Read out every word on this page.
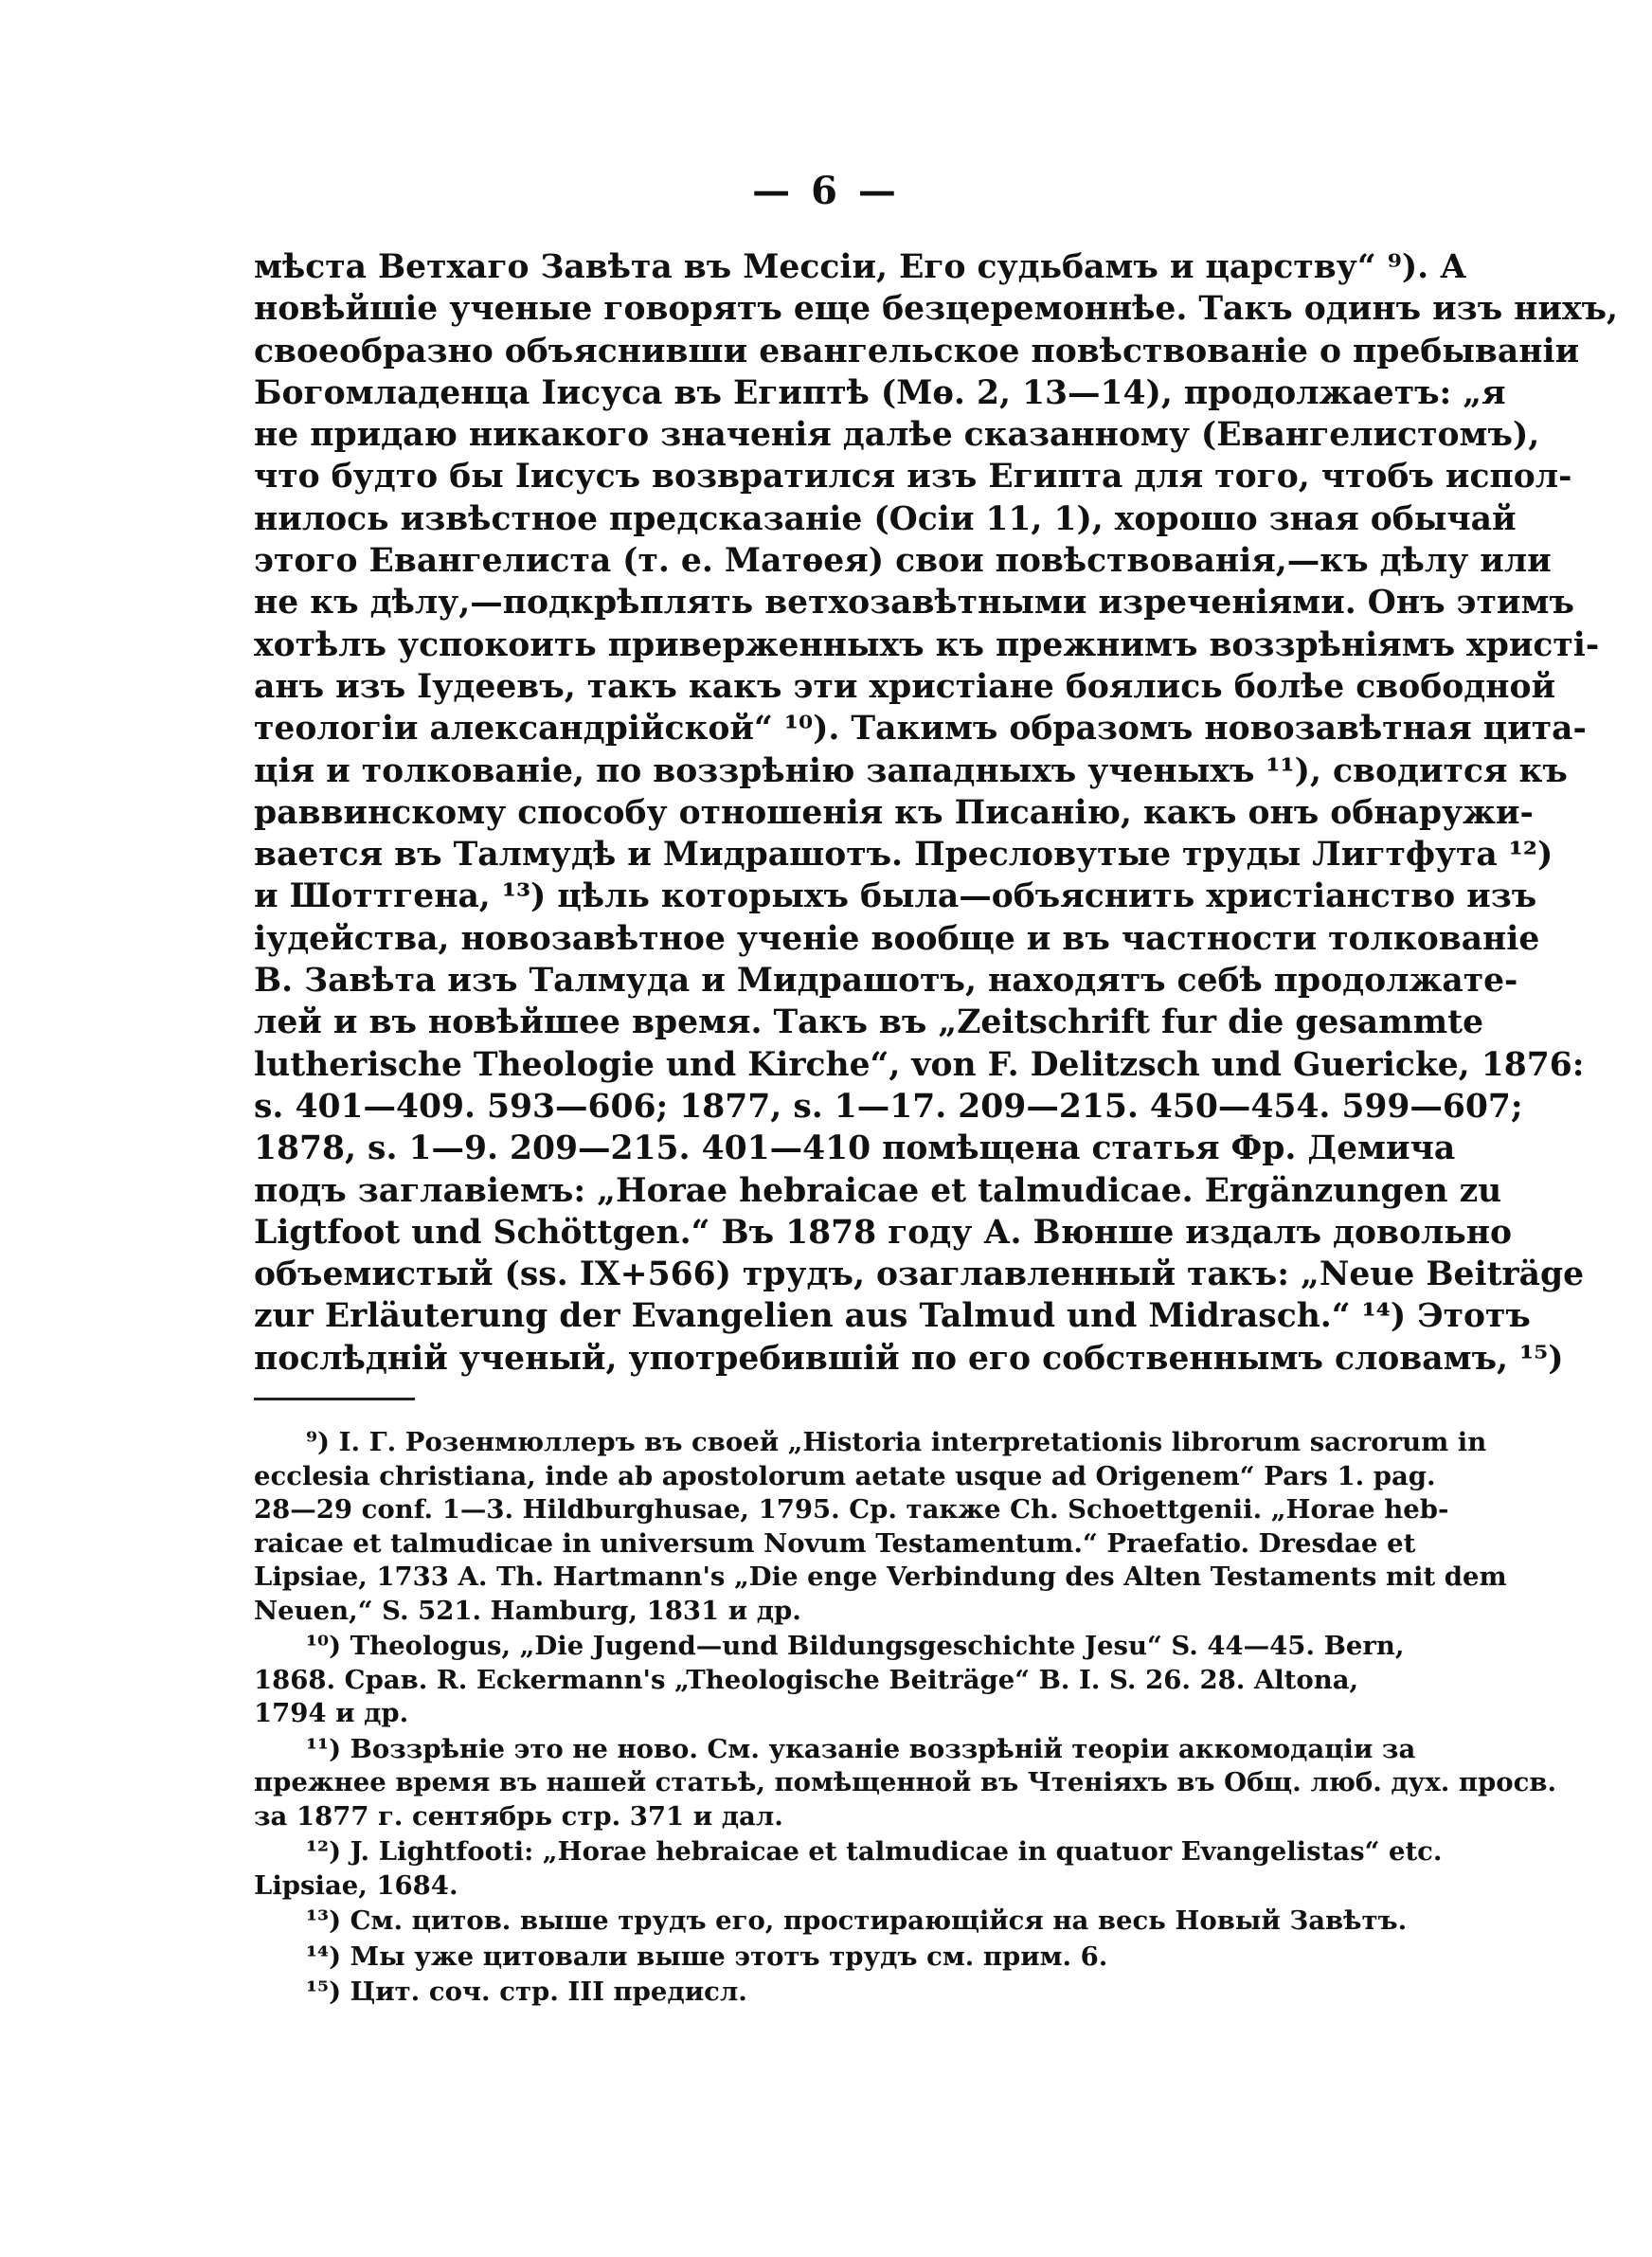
— 6 —
мѣста Ветхаго Завѣта въ Мессіи, Его судьбамъ и царству“ ⁹). А
новѣйшіе ученые говорятъ еще безцеремоннѣе. Такъ одинъ изъ нихъ,
своеобразно объяснивши евангельское повѣствованіе о пребываніи
Богомладенца Іисуса въ Египтѣ (Мѳ. 2, 13—14), продолжаетъ: „я
не придаю никакого значенія далѣе сказанному (Евангелистомъ),
что будто бы Іисусъ возвратился изъ Египта для того, чтобъ испол-
нилось извѣстное предсказаніе (Осіи 11, 1), хорошо зная обычай
этого Евангелиста (т. е. Матѳея) свои повѣствованія,—къ дѣлу или
не къ дѣлу,—подкрѣплять ветхозавѣтными изреченіями. Онъ этимъ
хотѣлъ успокоить приверженныхъ къ прежнимъ воззрѣніямъ христі-
анъ изъ Іудеевъ, такъ какъ эти христіане боялись болѣе свободной
теологіи александрійской“ ¹⁰). Такимъ образомъ новозавѣтная цита-
ція и толкованіе, по воззрѣнію западныхъ ученыхъ ¹¹), сводится къ
раввинскому способу отношенія къ Писанію, какъ онъ обнаружи-
вается въ Талмудѣ и Мидрашотъ. Пресловутые труды Лигтфута ¹²)
и Шоттгена, ¹³) цѣль которыхъ была—объяснить христіанство изъ
іудейства, новозавѣтное ученіе вообще и въ частности толкованіе
В. Завѣта изъ Талмуда и Мидрашотъ, находятъ себѣ продолжате-
лей и въ новѣйшее время. Такъ въ „Zeitschrift fur die gesammte
lutherische Theologie und Kirche“, von F. Delitzsch und Guericke, 1876:
s. 401—409. 593—606; 1877, s. 1—17. 209—215. 450—454. 599—607;
1878, s. 1—9. 209—215. 401—410 помѣщена статья Фр. Демича
подъ заглавіемъ: „Horae hebraicae et talmudicae. Ergänzungen zu
Ligtfoot und Schöttgen.“ Въ 1878 году А. Вюнше издалъ довольно
объемистый (ss. IX+566) трудъ, озаглавленный такъ: „Neue Beiträge
zur Erläuterung der Evangelien aus Talmud und Midrasch.“ ¹⁴) Этотъ
послѣдній ученый, употребившій по его собственнымъ словамъ, ¹⁵)
⁹) I. Г. Розенмюллеръ въ своей „Historia interpretationis librorum sacrorum in
ecclesia christiana, inde ab apostolorum aetate usque ad Origenem“ Pars 1. pag.
28—29 conf. 1—3. Hildburghusae, 1795. Ср. также Ch. Schoettgenii. „Horae heb-
raicae et talmudicae in universum Novum Testamentum.“ Praefatio. Dresdae et
Lipsiae, 1733 A. Th. Hartmann's „Die enge Verbindung des Alten Testaments mit dem
Neuen,“ S. 521. Hamburg, 1831 и др.
¹⁰) Theologus, „Die Jugend—und Bildungsgeschichte Jesu“ S. 44—45. Bern,
1868. Срав. R. Eckermann's „Theologische Beiträge“ B. I. S. 26. 28. Altona,
1794 и др.
¹¹) Воззрѣніе это не ново. См. указаніе воззрѣній теоріи аккомодаціи за
прежнее время въ нашей статьѣ, помѣщенной въ Чтеніяхъ въ Общ. люб. дух. просв.
за 1877 г. сентябрь стр. 371 и дал.
¹²) J. Lightfooti: „Horae hebraicae et talmudicae in quatuor Evangelistas“ etc.
Lipsiae, 1684.
¹³) См. цитов. выше трудъ его, простирающійся на весь Новый Завѣтъ.
¹⁴) Мы уже цитовали выше этотъ трудъ см. прим. 6.
¹⁵) Цит. соч. стр. III предисл.
